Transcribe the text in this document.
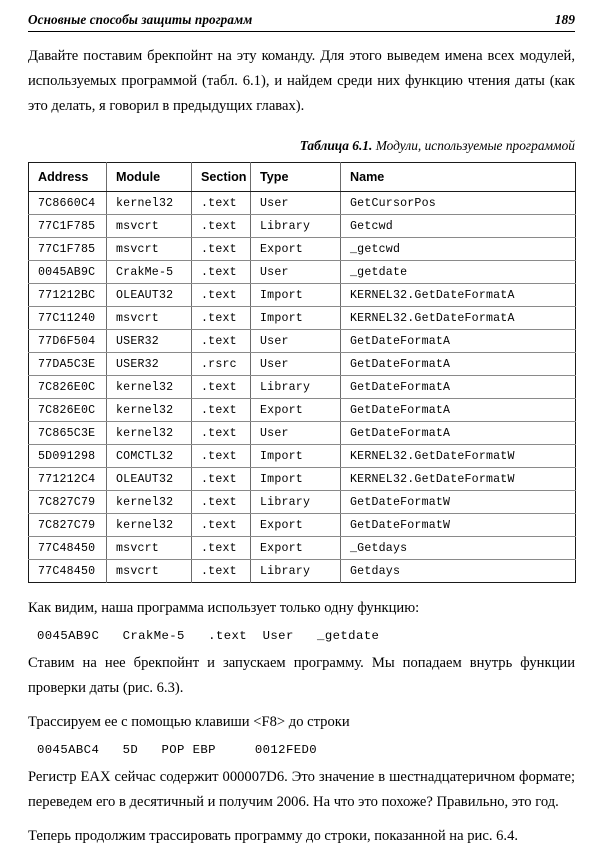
Основные способы защиты программ	189

Давайте поставим брекпойнт на эту команду. Для этого выведем имена всех модулей, используемых программой (табл. 6.1), и найдем среди них функцию чтения даты (как это делать, я говорил в предыдущих главах).

Таблица 6.1. Модули, используемые программой
Address	Module	Section	Type	Name
7C8660C4	kernel32	.text	User	GetCursorPos
77C1F785	msvcrt	.text	Library	Getcwd
77C1F785	msvcrt	.text	Export	_getcwd
0045AB9C	CrakMe-5	.text	User	_getdate
771212BC	OLEAUT32	.text	Import	KERNEL32.GetDateFormatA
77C11240	msvcrt	.text	Import	KERNEL32.GetDateFormatA
77D6F504	USER32	.text	User	GetDateFormatA
77DA5C3E	USER32	.rsrc	User	GetDateFormatA
7C826E0C	kernel32	.text	Library	GetDateFormatA
7C826E0C	kernel32	.text	Export	GetDateFormatA
7C865C3E	kernel32	.text	User	GetDateFormatA
5D091298	COMCTL32	.text	Import	KERNEL32.GetDateFormatW
771212C4	OLEAUT32	.text	Import	KERNEL32.GetDateFormatW
7C827C79	kernel32	.text	Library	GetDateFormatW
7C827C79	kernel32	.text	Export	GetDateFormatW
77C48450	msvcrt	.text	Export	_Getdays
77C48450	msvcrt	.text	Library	Getdays

Как видим, наша программа использует только одну функцию:

0045AB9C   CrakMe-5   .text  User   _getdate

Ставим на нее брекпойнт и запускаем программу. Мы попадаем внутрь функции проверки даты (рис. 6.3).

Трассируем ее с помощью клавиши <F8> до строки

0045ABC4   5D   POP EBP     0012FED0

Регистр EAX сейчас содержит 000007D6. Это значение в шестнадцатеричном формате; переведем его в десятичный и получим 2006. На что это похоже? Правильно, это год.

Теперь продолжим трассировать программу до строки, показанной на рис. 6.4.
